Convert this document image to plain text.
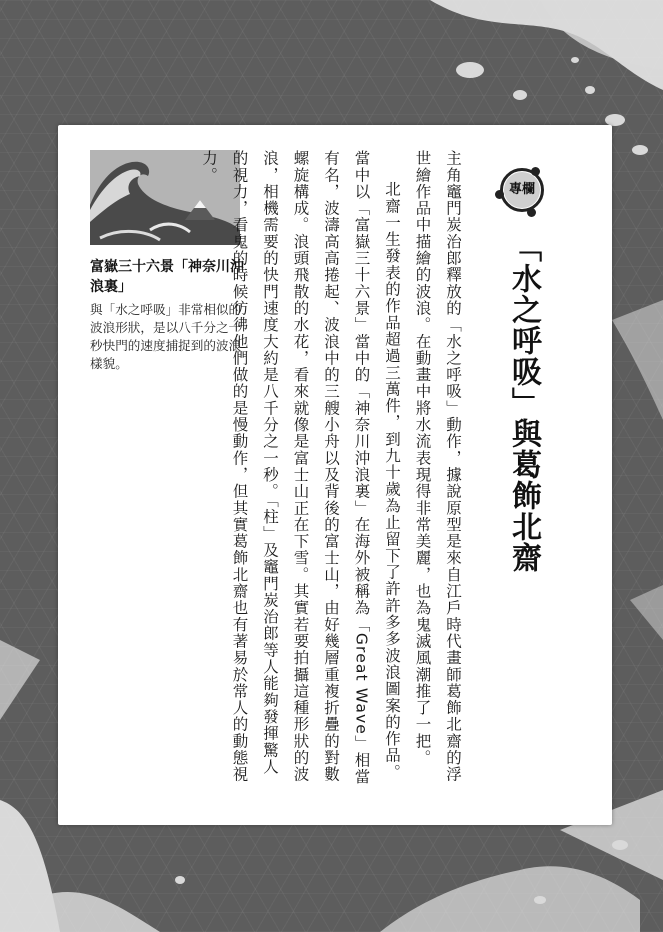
專欄
「水之呼吸」與葛飾北齋

富嶽三十六景「神奈川沖浪裏」

與「水之呼吸」非常相似的波浪形狀，是以八千分之一秒快門的速度捕捉到的波浪樣貌。	主角竈門炭治郎釋放的「水之呼吸」動作，據說原型是來自江戶時代畫師葛飾北齋的浮世繪作品中描繪的波浪。在動畫中將水流表現得非常美麗，也為鬼滅風潮推了一把。

北齋一生發表的作品超過三萬件，到九十歲為止留下了許許多多波浪圖案的作品。當中以「富嶽三十六景」當中的「神奈川沖浪裏」在海外被稱為「Great Wave」相當有名，波濤高高捲起、波浪中的三艘小舟以及背後的富士山，由好幾層重複折疊的對數螺旋構成。浪頭飛散的水花，看來就像是富士山正在下雪。其實若要拍攝這種形狀的波浪，相機需要的快門速度大約是八千分之一秒。「柱」及竈門炭治郎等人能夠發揮驚人的視力，看鬼的時候彷彿他們做的是慢動作，但其實葛飾北齋也有著易於常人的動態視力。
